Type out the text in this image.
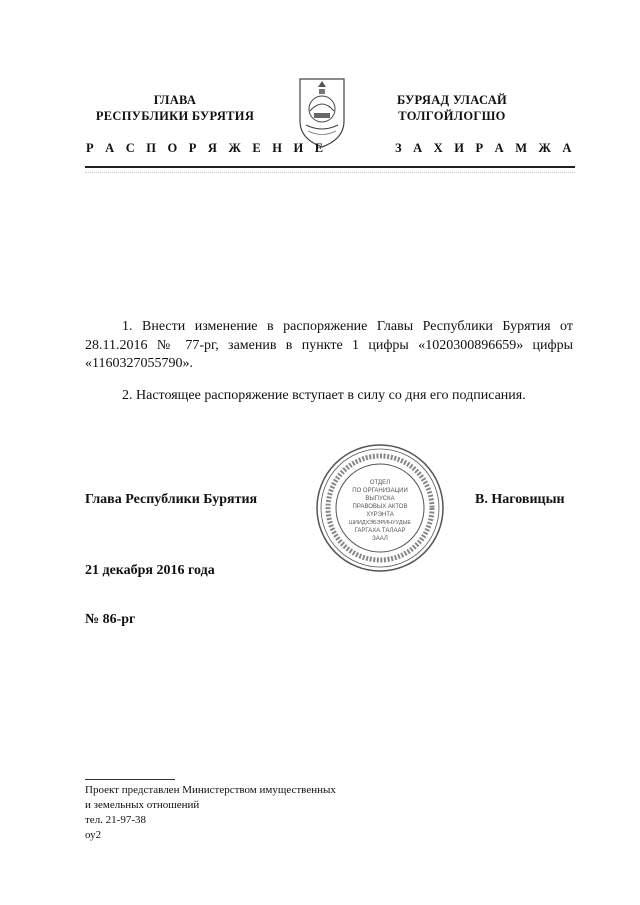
ГЛАВА
РЕСПУБЛИКИ БУРЯТИЯ
БУРЯАД УЛАСАЙ
ТОЛГОЙЛОГШО
Р А С П О Р Я Ж Е Н И Е	З А Х И Р А М Ж А
1. Внести изменение в распоряжение Главы Республики Бурятия от 28.11.2016 № 77-рг, заменив в пункте 1 цифры «1020300896659» цифры «1160327055790».
2. Настоящее распоряжение вступает в силу со дня его подписания.
Глава Республики Бурятия
ОТДЕЛ
ПО ОРГАНИЗАЦИИ
ВЫПУСКА
ПРАВОВЫХ АКТОВ
ХҮРЭНТА
ШИИДХЭБЭРИНУУДЫЕ
ГАРГАХА ТАЛААР
ЗААЛ
В. Наговицын
21 декабря 2016 года
№ 86-рг
Проект представлен Министерством имущественных
и земельных отношений
тел. 21-97-38
оу2
